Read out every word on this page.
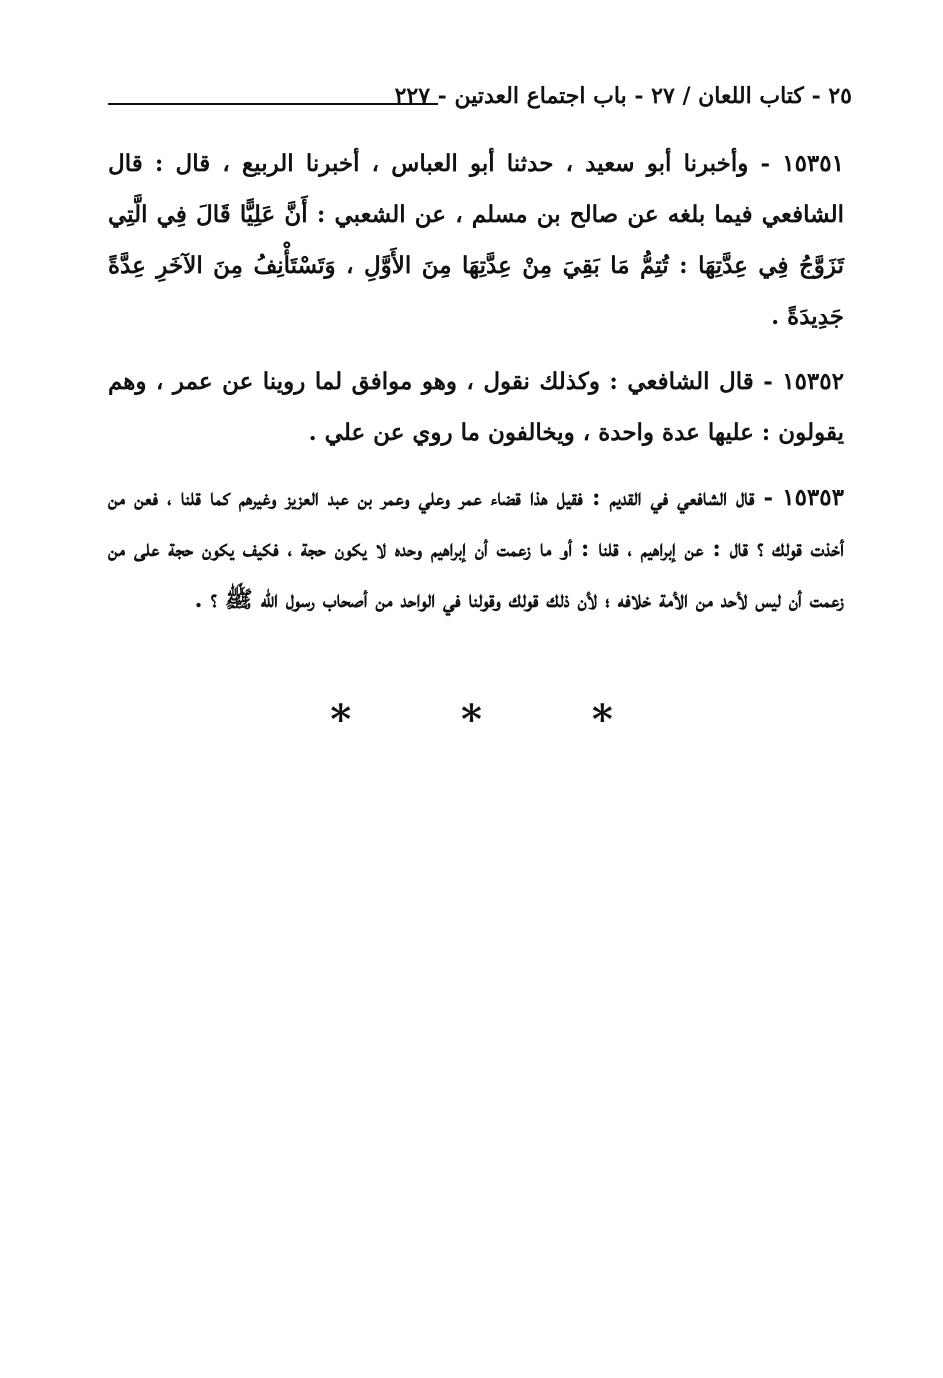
٢٥ - كتاب اللعان / ٢٧ - باب اجتماع العدتين - ٢٢٧

١٥٣٥١ - وأخبرنا أبو سعيد ، حدثنا أبو العباس ، أخبرنا الربيع ، قال : قال الشافعي فيما بلغه عن صالح بن مسلم ، عن الشعبي : أَنَّ عَلِيًّا قَالَ فِي الَّتِي تَزَوَّجُ فِي عِدَّتِهَا : تُتِمُّ مَا بَقِيَ مِنْ عِدَّتِهَا مِنَ الأَوَّلِ ، وَتَسْتَأْنِفُ مِنَ الآخَرِ عِدَّةً جَدِيدَةً .

١٥٣٥٢ - قال الشافعي : وكذلك نقول ، وهو موافق لما روينا عن عمر ، وهم يقولون : عليها عدة واحدة ، ويخالفون ما روي عن علي .

١٥٣٥٣ - قال الشافعي في القديم : فقيل هذا قضاء عمر وعلي وعمر بن عبد العزيز وغيرهم كما قلنا ، فعن من أخذت قولك ؟ قال : عن إبراهيم ، قلنا : أو ما زعمت أن إبراهيم وحده لا يكون حجة ، فكيف يكون حجة على من زعمت أن ليس لأحد من الأمة خلافه ؛ لأن ذلك قولك وقولنا في الواحد من أصحاب رسول الله ﷺ ؟ .

* * *
